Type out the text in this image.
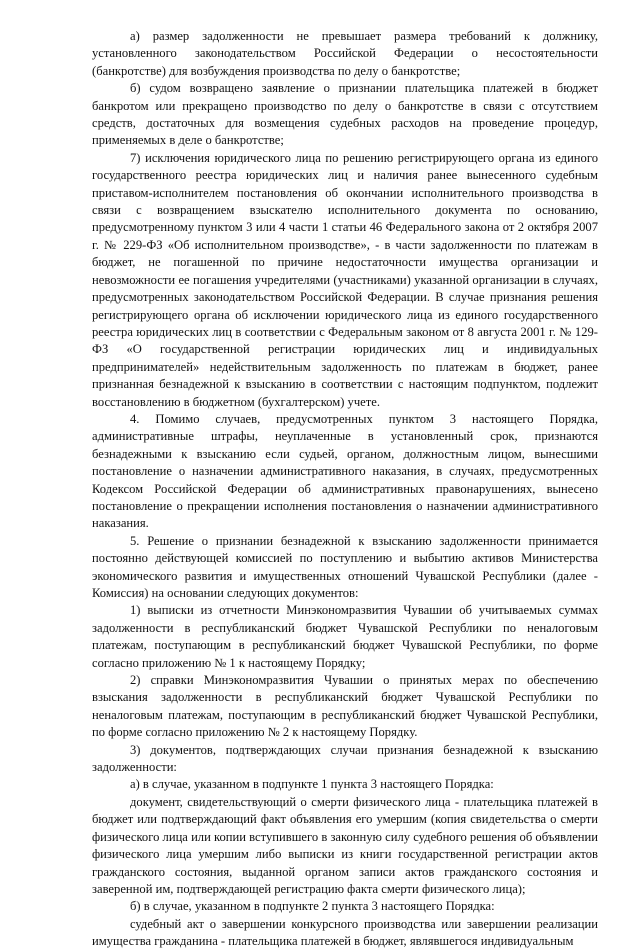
а) размер задолженности не превышает размера требований к должнику, установленного законодательством Российской Федерации о несостоятельности (банкротстве) для возбуждения производства по делу о банкротстве;

б) судом возвращено заявление о признании плательщика платежей в бюджет банкротом или прекращено производство по делу о банкротстве в связи с отсутствием средств, достаточных для возмещения судебных расходов на проведение процедур, применяемых в деле о банкротстве;

7) исключения юридического лица по решению регистрирующего органа из единого государственного реестра юридических лиц и наличия ранее вынесенного судебным приставом-исполнителем постановления об окончании исполнительного производства в связи с возвращением взыскателю исполнительного документа по основанию, предусмотренному пунктом 3 или 4 части 1 статьи 46 Федерального закона от 2 октября 2007 г. № 229-ФЗ «Об исполнительном производстве», - в части задолженности по платежам в бюджет, не погашенной по причине недостаточности имущества организации и невозможности ее погашения учредителями (участниками) указанной организации в случаях, предусмотренных законодательством Российской Федерации. В случае признания решения регистрирующего органа об исключении юридического лица из единого государственного реестра юридических лиц в соответствии с Федеральным законом от 8 августа 2001 г. № 129-ФЗ «О государственной регистрации юридических лиц и индивидуальных предпринимателей» недействительным задолженность по платежам в бюджет, ранее признанная безнадежной к взысканию в соответствии с настоящим подпунктом, подлежит восстановлению в бюджетном (бухгалтерском) учете.

4. Помимо случаев, предусмотренных пунктом 3 настоящего Порядка, административные штрафы, неуплаченные в установленный срок, признаются безнадежными к взысканию если судьей, органом, должностным лицом, вынесшими постановление о назначении административного наказания, в случаях, предусмотренных Кодексом Российской Федерации об административных правонарушениях, вынесено постановление о прекращении исполнения постановления о назначении административного наказания.

5. Решение о признании безнадежной к взысканию задолженности принимается постоянно действующей комиссией по поступлению и выбытию активов Министерства экономического развития и имущественных отношений Чувашской Республики (далее - Комиссия) на основании следующих документов:

1) выписки из отчетности Минэкономразвития Чувашии об учитываемых суммах задолженности в республиканский бюджет Чувашской Республики по неналоговым платежам, поступающим в республиканский бюджет Чувашской Республики, по форме согласно приложению № 1 к настоящему Порядку;

2) справки Минэкономразвития Чувашии о принятых мерах по обеспечению взыскания задолженности в республиканский бюджет Чувашской Республики по неналоговым платежам, поступающим в республиканский бюджет Чувашской Республики, по форме согласно приложению № 2 к настоящему Порядку.

3) документов, подтверждающих случаи признания безнадежной к взысканию задолженности:

а) в случае, указанном в подпункте 1 пункта 3 настоящего Порядка:

документ, свидетельствующий о смерти физического лица - плательщика платежей в бюджет или подтверждающий факт объявления его умершим (копия свидетельства о смерти физического лица или копии вступившего в законную силу судебного решения об объявлении физического лица умершим либо выписки из книги государственной регистрации актов гражданского состояния, выданной органом записи актов гражданского состояния и заверенной им, подтверждающей регистрацию факта смерти физического лица);

б) в случае, указанном в подпункте 2 пункта 3 настоящего Порядка:

судебный акт о завершении конкурсного производства или завершении реализации имущества гражданина - плательщика платежей в бюджет, являвшегося индивидуальным
